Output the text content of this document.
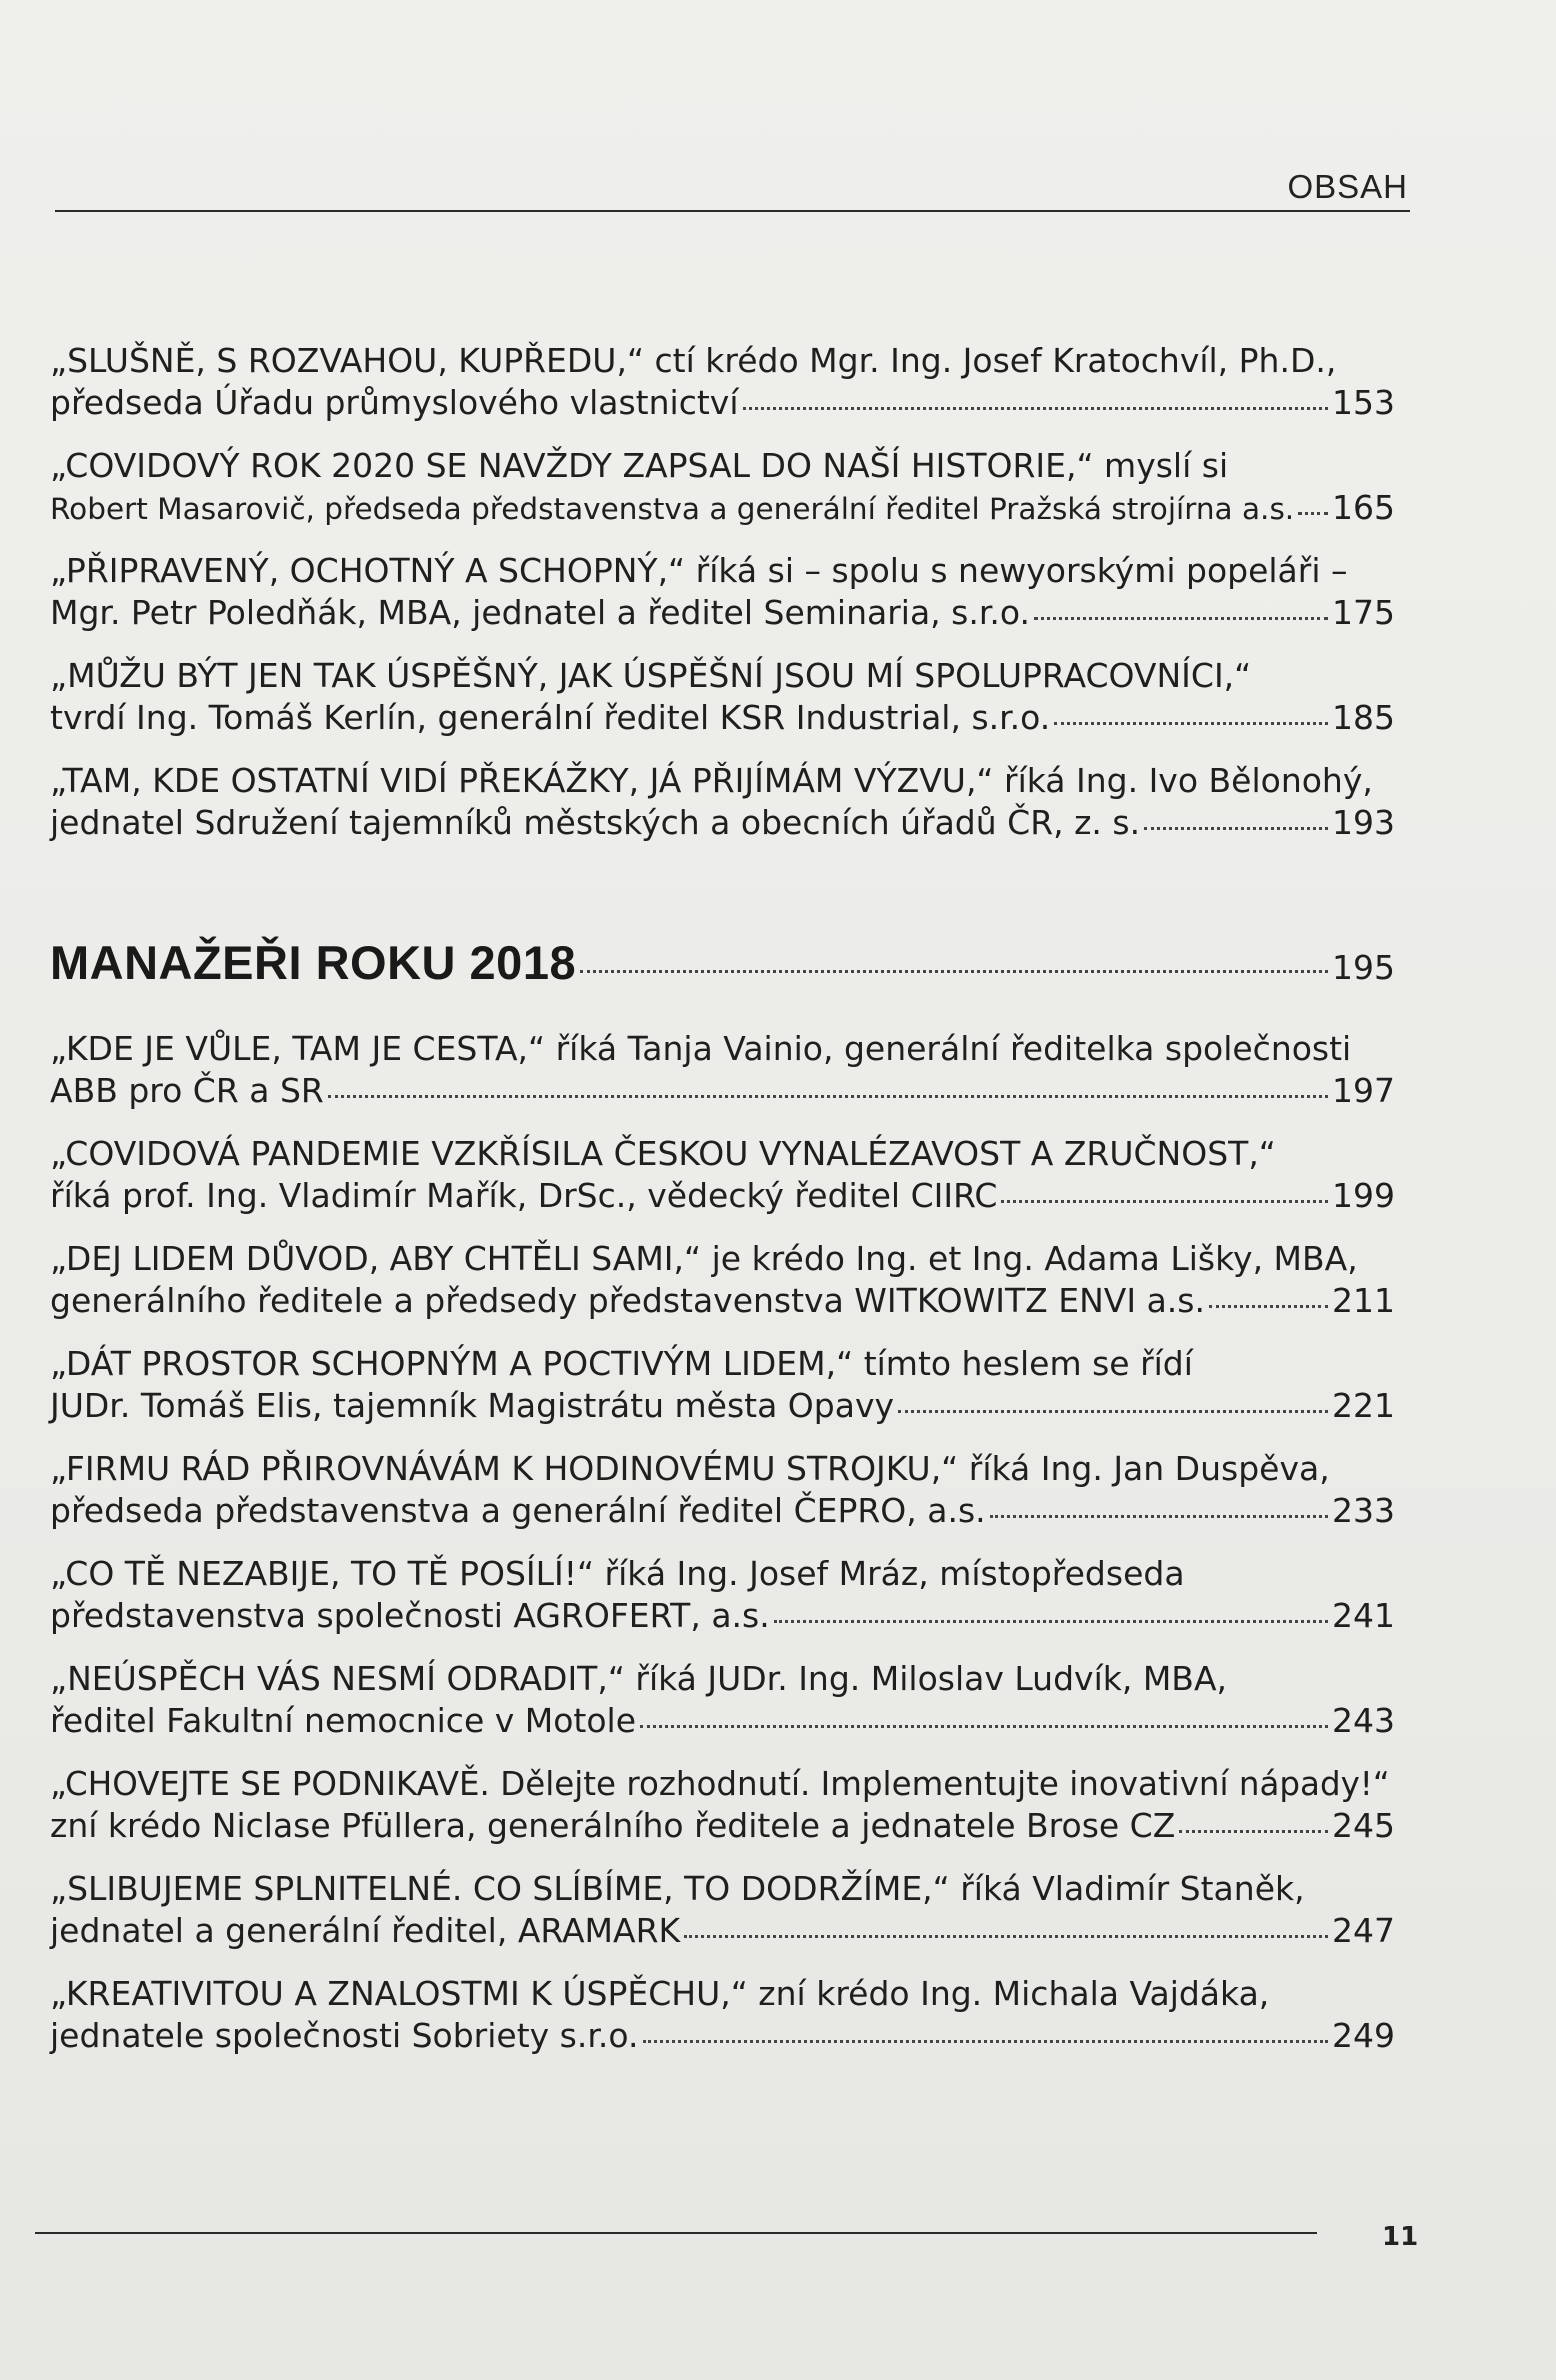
OBSAH
„SLUŠNĚ, S ROZVAHOU, KUPŘEDU,“ ctí krédo Mgr. Ing. Josef Kratochvíl, Ph.D.,
předseda Úřadu průmyslového vlastnictví	153
„COVIDOVÝ ROK 2020 SE NAVŽDY ZAPSAL DO NAŠÍ HISTORIE,“ myslí si
Robert Masarovič, předseda představenstva a generální ředitel Pražská strojírna a.s. 165
„PŘIPRAVENÝ, OCHOTNÝ A SCHOPNÝ,“ říká si – spolu s newyorskými popeláři –
Mgr. Petr Poledňák, MBA, jednatel a ředitel Seminaria, s.r.o.	175
„MŮŽU BÝT JEN TAK ÚSPĚŠNÝ, JAK ÚSPĚŠNÍ JSOU MÍ SPOLUPRACOVNÍCI,“
tvrdí Ing. Tomáš Kerlín, generální ředitel KSR Industrial, s.r.o.	185
„TAM, KDE OSTATNÍ VIDÍ PŘEKÁŽKY, JÁ PŘIJÍMÁM VÝZVU,“ říká Ing. Ivo Bělonohý,
jednatel Sdružení tajemníků městských a obecních úřadů ČR, z. s.	193
MANAŽEŘI ROKU 2018	195
„KDE JE VŮLE, TAM JE CESTA,“ říká Tanja Vainio, generální ředitelka společnosti
ABB pro ČR a SR	197
„COVIDOVÁ PANDEMIE VZKŘÍSILA ČESKOU VYNALÉZAVOST A ZRUČNOST,“
říká prof. Ing. Vladimír Mařík, DrSc., vědecký ředitel CIIRC	199
„DEJ LIDEM DŮVOD, ABY CHTĚLI SAMI,“ je krédo Ing. et Ing. Adama Lišky, MBA,
generálního ředitele a předsedy představenstva WITKOWITZ ENVI a.s.	211
„DÁT PROSTOR SCHOPNÝM A POCTIVÝM LIDEM,“ tímto heslem se řídí
JUDr. Tomáš Elis, tajemník Magistrátu města Opavy	221
„FIRMU RÁD PŘIROVNÁVÁM K HODINOVÉMU STROJKU,“ říká Ing. Jan Duspěva,
předseda představenstva a generální ředitel ČEPRO, a.s.	233
„CO TĚ NEZABIJE, TO TĚ POSÍLÍ!“ říká Ing. Josef Mráz, místopředseda
představenstva společnosti AGROFERT, a.s.	241
„NEÚSPĚCH VÁS NESMÍ ODRADIT,“ říká JUDr. Ing. Miloslav Ludvík, MBA,
ředitel Fakultní nemocnice v Motole	243
„CHOVEJTE SE PODNIKAVĚ. Dělejte rozhodnutí. Implementujte inovativní nápady!“
zní krédo Niclase Pfüllera, generálního ředitele a jednatele Brose CZ	245
„SLIBUJEME SPLNITELNÉ. CO SLÍBÍME, TO DODRŽÍME,“ říká Vladimír Staněk,
jednatel a generální ředitel, ARAMARK	247
„KREATIVITOU A ZNALOSTMI K ÚSPĚCHU,“ zní krédo Ing. Michala Vajdáka,
jednatele společnosti Sobriety s.r.o.	249
11
